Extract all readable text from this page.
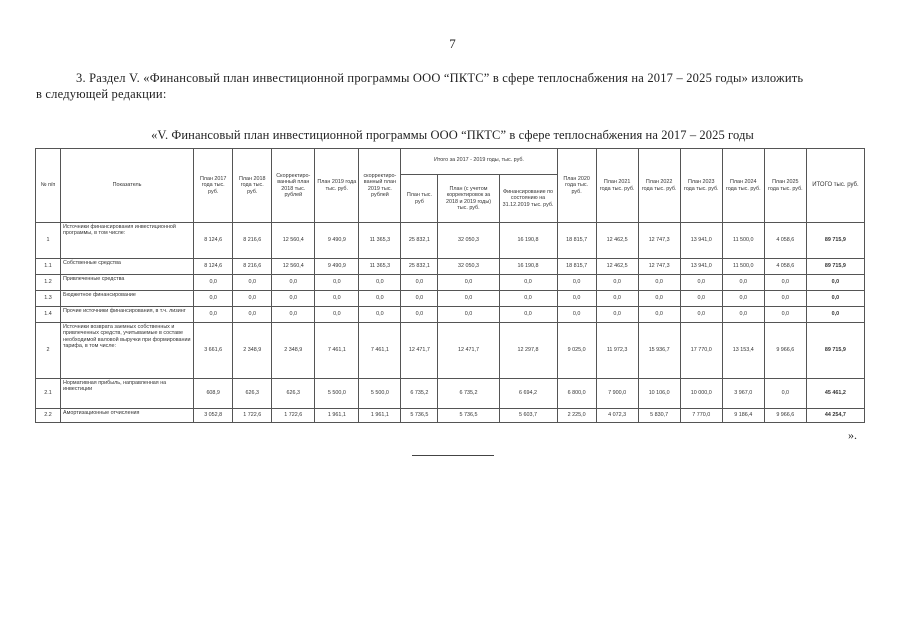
7
3. Раздел V. «Финансовый план инвестиционной программы ООО “ПКТС” в сфере теплоснабжения на 2017 – 2025 годы» изложить
в следующей редакции:
«V. Финансовый план инвестиционной программы ООО “ПКТС” в сфере теплоснабжения на 2017 – 2025 годы
№ п/п	Показатель	План 2017 года тыс. руб.	План 2018 года тыс. руб.	Скорректиро-ванный план 2018 тыс. рублей	План 2019 года тыс. руб.	скорректиро-ванный план 2019 тыс. рублей	Итого за 2017 - 2019 годы, тыс. руб.			План 2020 года тыс. руб.	План 2021 года тыс. руб.	План 2022 года тыс. руб.	План 2023 года тыс. руб.	План 2024 года тыс. руб.	План 2025 года тыс. руб.	ИТОГО тыс. руб.
							План тыс. руб	План (с учетом корректировок за 2018 и 2019 годы) тыс. руб.	Финансирование по состоянию на 31.12.2019 тыс. руб.							
1	Источники финансирования инвестиционной программы, в том числе:	8 124,6	8 216,6	12 560,4	9 490,9	11 365,3	25 832,1	32 050,3	16 190,8	18 815,7	12 462,5	12 747,3	13 941,0	11 500,0	4 058,6	89 715,9
1.1	Собственные средства	8 124,6	8 216,6	12 560,4	9 490,9	11 365,3	25 832,1	32 050,3	16 190,8	18 815,7	12 462,5	12 747,3	13 941,0	11 500,0	4 058,6	89 715,9
1.2	Привлеченные средства	0,0	0,0	0,0	0,0	0,0	0,0	0,0	0,0	0,0	0,0	0,0	0,0	0,0	0,0	0,0
1.3	Бюджетное финансирование	0,0	0,0	0,0	0,0	0,0	0,0	0,0	0,0	0,0	0,0	0,0	0,0	0,0	0,0	0,0
1.4	Прочие источники финансирования, в т.ч. лизинг	0,0	0,0	0,0	0,0	0,0	0,0	0,0	0,0	0,0	0,0	0,0	0,0	0,0	0,0	0,0
2	Источники возврата заемных собственных и привлеченных средств, учитываемые в составе необходимой валовой выручки при формировании тарифа, в том числе:	3 661,6	2 348,9	2 348,9	7 461,1	7 461,1	12 471,7	12 471,7	12 297,8	9 025,0	11 972,3	15 936,7	17 770,0	13 153,4	9 966,6	89 715,9
2.1	Нормативная прибыль, направленная на инвестиции	608,9	626,3	626,3	5 500,0	5 500,0	6 735,2	6 735,2	6 694,2	6 800,0	7 900,0	10 106,0	10 000,0	3 967,0	0,0	45 461,2
2.2	Амортизационные отчисления	3 052,8	1 722,6	1 722,6	1 961,1	1 961,1	5 736,5	5 736,5	5 603,7	2 225,0	4 072,3	5 830,7	7 770,0	9 186,4	9 966,6	44 254,7
».
